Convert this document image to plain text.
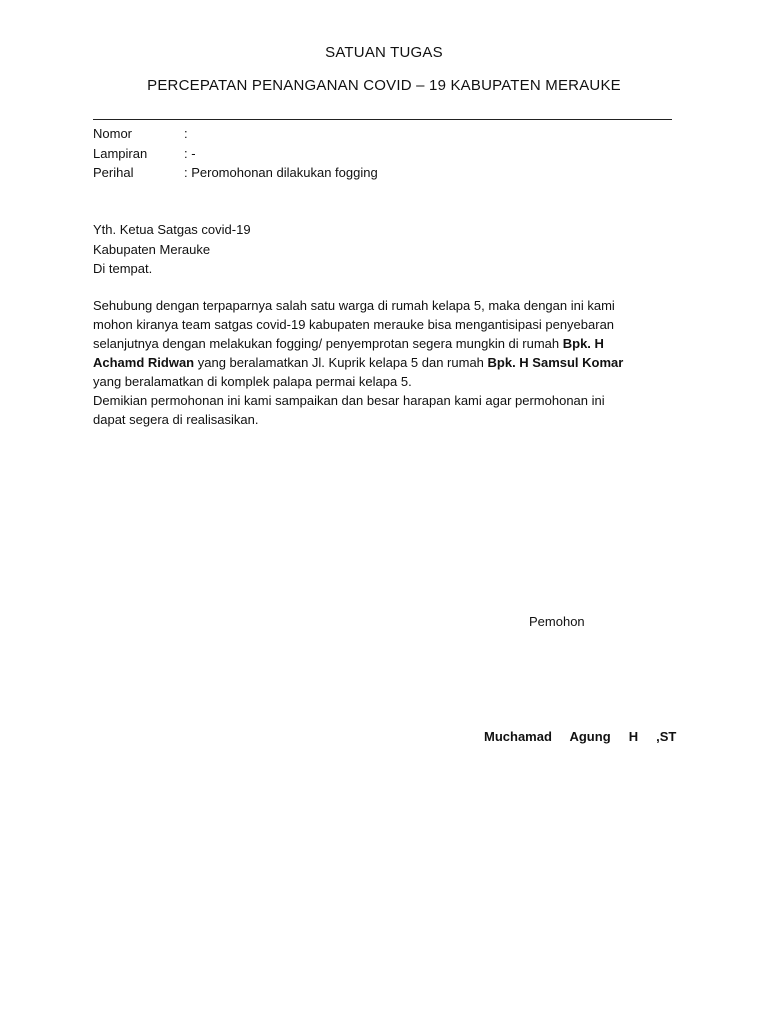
SATUAN TUGAS
PERCEPATAN PENANGANAN COVID – 19 KABUPATEN MERAUKE
Nomor	:
Lampiran	: -
Perihal	: Peromohonan dilakukan fogging
Yth. Ketua Satgas covid-19
Kabupaten Merauke
Di tempat.
Sehubung dengan terpaparnya salah satu warga di rumah kelapa 5, maka dengan ini kami
mohon kiranya team satgas covid-19 kabupaten merauke bisa mengantisipasi penyebaran
selanjutnya dengan melakukan fogging/ penyemprotan segera mungkin di rumah Bpk. H
Achamd Ridwan yang beralamatkan Jl. Kuprik kelapa 5 dan rumah Bpk. H Samsul Komar
yang beralamatkan di komplek palapa permai kelapa 5.
Demikian permohonan ini kami sampaikan dan besar harapan kami agar permohonan ini
dapat segera di realisasikan.
Pemohon
Muchamad     Agung     H     ,ST
